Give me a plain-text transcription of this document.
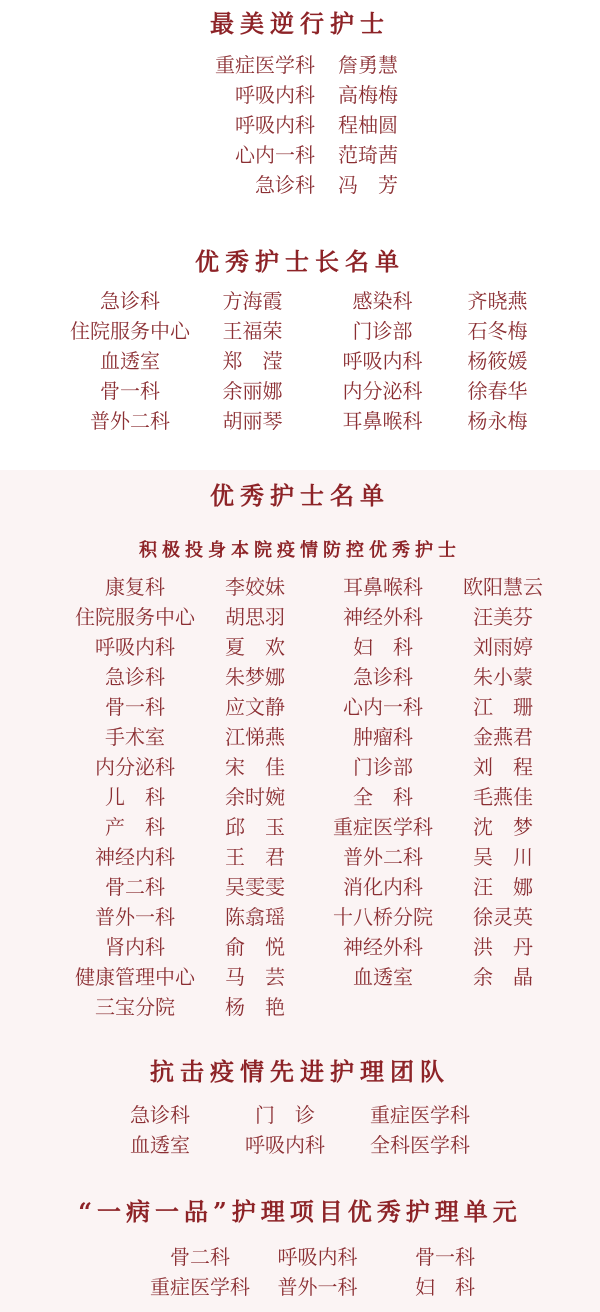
最美逆行护士
重症医学科 詹勇慧
呼吸内科 高梅梅
呼吸内科 程柚圆
心内一科 范琦茜
急诊科 冯　芳
优秀护士长名单
急诊科	方海霞	感染科	齐晓燕
住院服务中心	王福荣	门诊部	石冬梅
血透室	郑　滢	呼吸内科	杨筱媛
骨一科	余丽娜	内分泌科	徐春华
普外二科	胡丽琴	耳鼻喉科	杨永梅
优秀护士名单
积极投身本院疫情防控优秀护士
康复科	李姣妹	耳鼻喉科	欧阳慧云
住院服务中心	胡思羽	神经外科	汪美芬
呼吸内科	夏　欢	妇　科	刘雨婷
急诊科	朱梦娜	急诊科	朱小蒙
骨一科	应文静	心内一科	江　珊
手术室	江悌燕	肿瘤科	金燕君
内分泌科	宋　佳	门诊部	刘　程
儿　科	余时婉	全　科	毛燕佳
产　科	邱　玉	重症医学科	沈　梦
神经内科	王　君	普外二科	吴　川
骨二科	吴雯雯	消化内科	汪　娜
普外一科	陈翕瑶	十八桥分院	徐灵英
肾内科	俞　悦	神经外科	洪　丹
健康管理中心	马　芸	血透室	余　晶
三宝分院	杨　艳
抗击疫情先进护理团队
急诊科	门　诊	重症医学科
血透室	呼吸内科	全科医学科
“一病一品”护理项目优秀护理单元
骨二科	呼吸内科	骨一科
重症医学科	普外一科	妇　科
